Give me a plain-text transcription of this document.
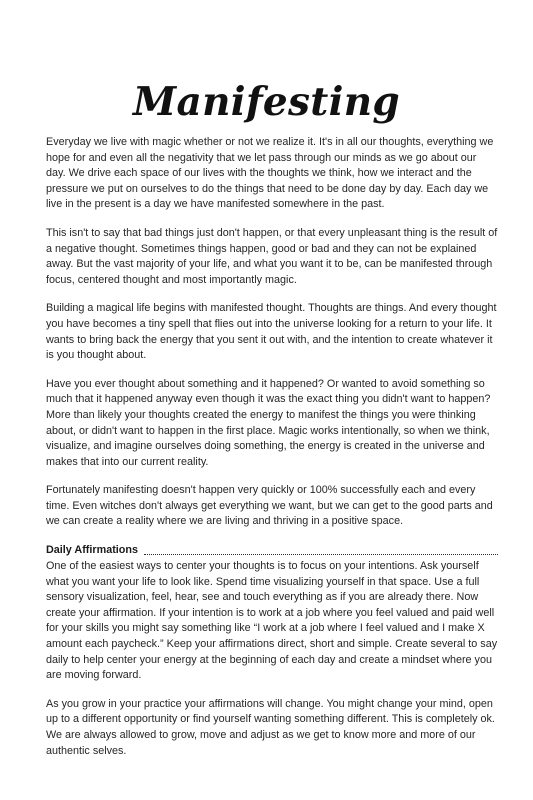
Manifesting

Everyday we live with magic whether or not we realize it. It's in all our thoughts, everything we hope for and even all the negativity that we let pass through our minds as we go about our day. We drive each space of our lives with the thoughts we think, how we interact and the pressure we put on ourselves to do the things that need to be done day by day. Each day we live in the present is a day we have manifested somewhere in the past.

This isn't to say that bad things just don't happen, or that every unpleasant thing is the result of a negative thought. Sometimes things happen, good or bad and they can not be explained away. But the vast majority of your life, and what you want it to be, can be manifested through focus, centered thought and most importantly magic.

Building a magical life begins with manifested thought. Thoughts are things. And every thought you have becomes a tiny spell that flies out into the universe looking for a return to your life. It wants to bring back the energy that you sent it out with, and the intention to create whatever it is you thought about.

Have you ever thought about something and it happened? Or wanted to avoid something so much that it happened anyway even though it was the exact thing you didn't want to happen? More than likely your thoughts created the energy to manifest the things you were thinking about, or didn't want to happen in the first place. Magic works intentionally, so when we think, visualize, and imagine ourselves doing something, the energy is created in the universe and makes that into our current reality.

Fortunately manifesting doesn't happen very quickly or 100% successfully each and every time. Even witches don't always get everything we want, but we can get to the good parts and we can create a reality where we are living and thriving in a positive space.

Daily Affirmations

One of the easiest ways to center your thoughts is to focus on your intentions. Ask yourself what you want your life to look like. Spend time visualizing yourself in that space. Use a full sensory visualization, feel, hear, see and touch everything as if you are already there. Now create your affirmation. If your intention is to work at a job where you feel valued and paid well for your skills you might say something like “I work at a job where I feel valued and I make X amount each paycheck.” Keep your affirmations direct, short and simple. Create several to say daily to help center your energy at the beginning of each day and create a mindset where you are moving forward.

As you grow in your practice your affirmations will change. You might change your mind, open up to a different opportunity or find yourself wanting something different. This is completely ok. We are always allowed to grow, move and adjust as we get to know more and more of our authentic selves.
